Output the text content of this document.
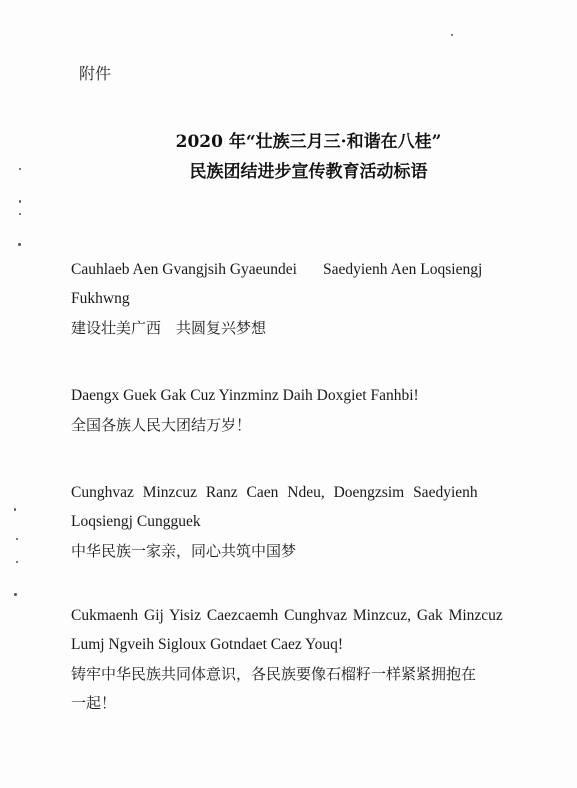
附件
2020 年“壮族三月三·和谐在八桂”
民族团结进步宣传教育活动标语
Cauhlaeb Aen Gvangjsih Gyaeundei Saedyienh Aen Loqsiengj
Fukhwng
建设壮美广西　共圆复兴梦想
Daengx Guek Gak Cuz Yinzminz Daih Doxgiet Fanhbi!
全国各族人民大团结万岁！
Cunghvaz Minzcuz Ranz Caen Ndeu, Doengzsim Saedyienh
Loqsiengj Cungguek
中华民族一家亲，同心共筑中国梦
Cukmaenh Gij Yisiz Caezcaemh Cunghvaz Minzcuz, Gak Minzcuz
Lumj Ngveih Sigloux Gotndaet Caez Youq!
铸牢中华民族共同体意识，各民族要像石榴籽一样紧紧拥抱在
一起！
